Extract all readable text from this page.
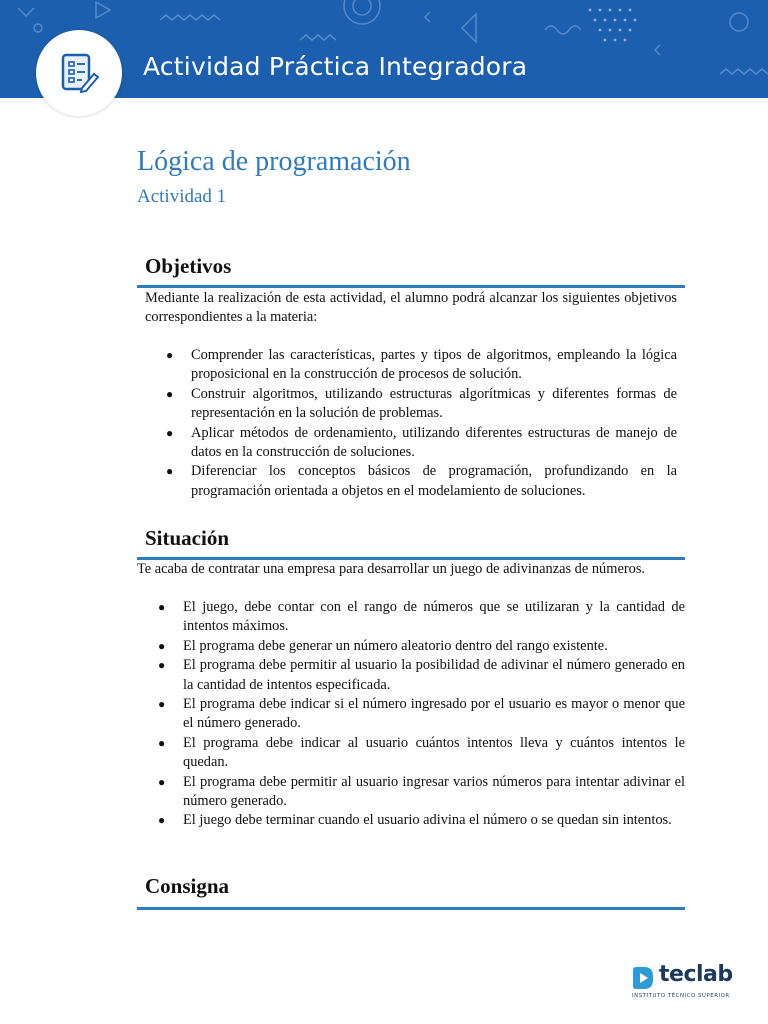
Actividad Práctica Integradora
Lógica de programación
Actividad 1
Objetivos
Mediante la realización de esta actividad, el alumno podrá alcanzar los siguientes objetivos correspondientes a la materia:
● Comprender las características, partes y tipos de algoritmos, empleando la lógica proposicional en la construcción de procesos de solución.
● Construir algoritmos, utilizando estructuras algorítmicas y diferentes formas de representación en la solución de problemas.
● Aplicar métodos de ordenamiento, utilizando diferentes estructuras de manejo de datos en la construcción de soluciones.
● Diferenciar los conceptos básicos de programación, profundizando en la programación orientada a objetos en el modelamiento de soluciones.
Situación
Te acaba de contratar una empresa para desarrollar un juego de adivinanzas de números.
● El juego, debe contar con el rango de números que se utilizaran y la cantidad de intentos máximos.
● El programa debe generar un número aleatorio dentro del rango existente.
● El programa debe permitir al usuario la posibilidad de adivinar el número generado en la cantidad de intentos especificada.
● El programa debe indicar si el número ingresado por el usuario es mayor o menor que el número generado.
● El programa debe indicar al usuario cuántos intentos lleva y cuántos intentos le quedan.
● El programa debe permitir al usuario ingresar varios números para intentar adivinar el número generado.
● El juego debe terminar cuando el usuario adivina el número o se quedan sin intentos.
Consigna
teclab
INSTITUTO TÉCNICO SUPERIOR
